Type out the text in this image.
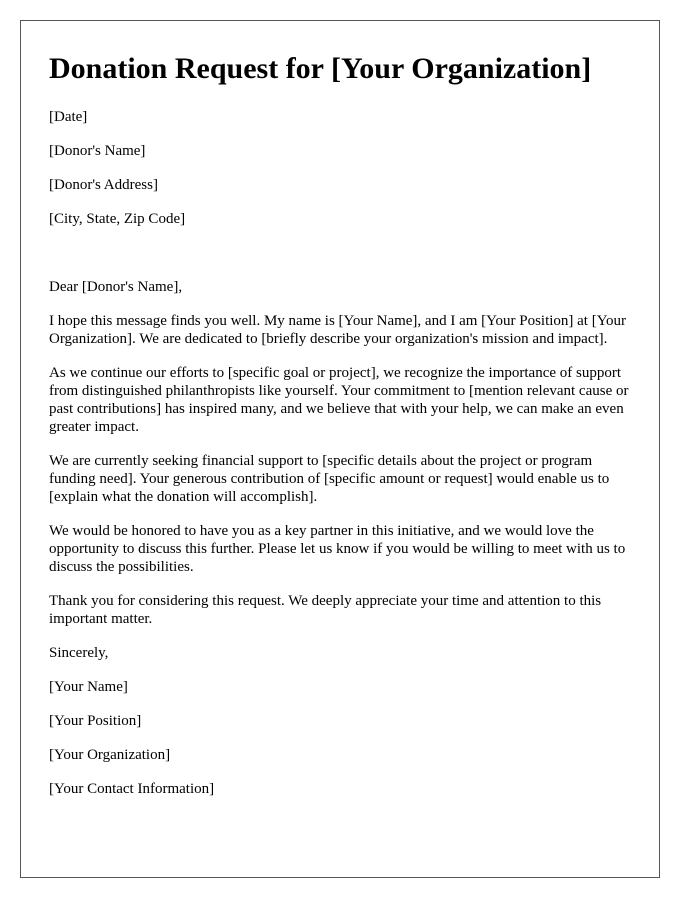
Donation Request for [Your Organization]

[Date]

[Donor's Name]

[Donor's Address]

[City, State, Zip Code]

Dear [Donor's Name],

I hope this message finds you well. My name is [Your Name], and I am [Your Position] at [Your Organization]. We are dedicated to [briefly describe your organization's mission and impact].

As we continue our efforts to [specific goal or project], we recognize the importance of support from distinguished philanthropists like yourself. Your commitment to [mention relevant cause or past contributions] has inspired many, and we believe that with your help, we can make an even greater impact.

We are currently seeking financial support to [specific details about the project or program funding need]. Your generous contribution of [specific amount or request] would enable us to [explain what the donation will accomplish].

We would be honored to have you as a key partner in this initiative, and we would love the opportunity to discuss this further. Please let us know if you would be willing to meet with us to discuss the possibilities.

Thank you for considering this request. We deeply appreciate your time and attention to this important matter.

Sincerely,

[Your Name]

[Your Position]

[Your Organization]

[Your Contact Information]
